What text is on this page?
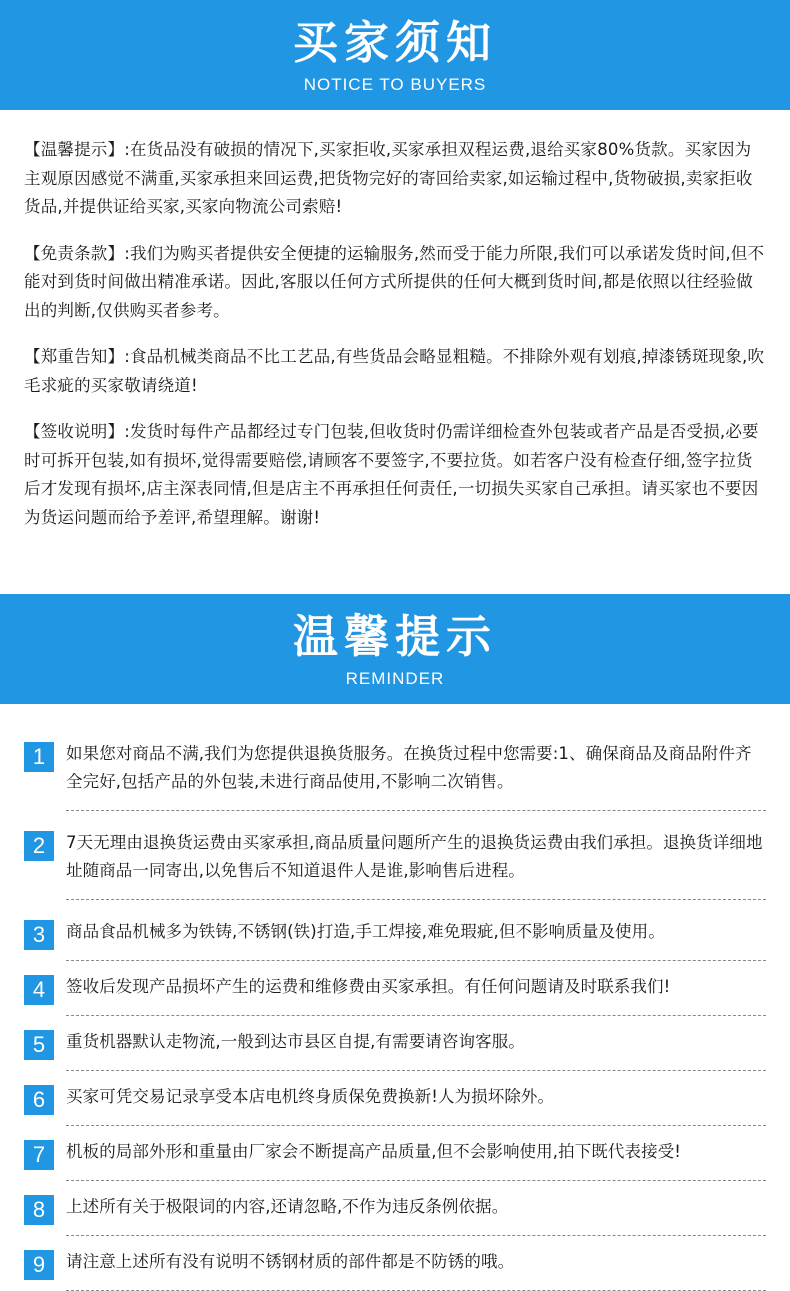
买家须知
NOTICE TO BUYERS

【温馨提示】:在货品没有破损的情况下,买家拒收,买家承担双程运费,退给买家80%货款。买家因为主观原因感觉不满重,买家承担来回运费,把货物完好的寄回给卖家,如运输过程中,货物破损,卖家拒收货品,并提供证给买家,买家向物流公司索赔!

【免责条款】:我们为购买者提供安全便捷的运输服务,然而受于能力所限,我们可以承诺发货时间,但不能对到货时间做出精准承诺。因此,客服以任何方式所提供的任何大概到货时间,都是依照以往经验做出的判断,仅供购买者参考。

【郑重告知】:食品机械类商品不比工艺品,有些货品会略显粗糙。不排除外观有划痕,掉漆锈斑现象,吹毛求疵的买家敬请绕道!

【签收说明】:发货时每件产品都经过专门包装,但收货时仍需详细检查外包装或者产品是否受损,必要时可拆开包装,如有损坏,觉得需要赔偿,请顾客不要签字,不要拉货。如若客户没有检查仔细,签字拉货后才发现有损坏,店主深表同情,但是店主不再承担任何责任,一切损失买家自己承担。请买家也不要因为货运问题而给予差评,希望理解。谢谢!

温馨提示
REMINDER
1	如果您对商品不满,我们为您提供退换货服务。在换货过程中您需要:1、确保商品及商品附件齐全完好,包括产品的外包装,未进行商品使用,不影响二次销售。
2	7天无理由退换货运费由买家承担,商品质量问题所产生的退换货运费由我们承担。退换货详细地址随商品一同寄出,以免售后不知道退件人是谁,影响售后进程。
3	商品食品机械多为铁铸,不锈钢(铁)打造,手工焊接,难免瑕疵,但不影响质量及使用。
4	签收后发现产品损坏产生的运费和维修费由买家承担。有任何问题请及时联系我们!
5	重货机器默认走物流,一般到达市县区自提,有需要请咨询客服。
6	买家可凭交易记录享受本店电机终身质保免费换新!人为损坏除外。
7	机板的局部外形和重量由厂家会不断提高产品质量,但不会影响使用,拍下既代表接受!
8	上述所有关于极限词的内容,还请忽略,不作为违反条例依据。
9	请注意上述所有没有说明不锈钢材质的部件都是不防锈的哦。
